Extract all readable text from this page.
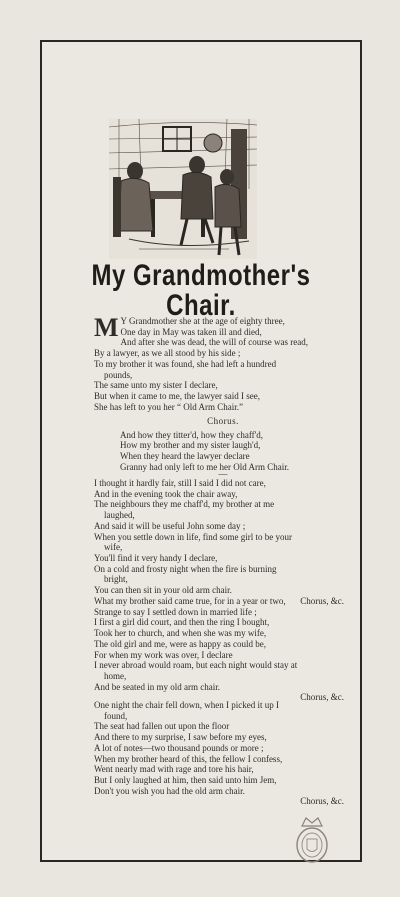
My Grandmother's
Chair.
M Y Grandmother she at the age of eighty three,

One day in May was taken ill and died,

And after she was dead, the will of course was read,

By a lawyer, as we all stood by his side ;

To my brother it was found, she had left a hundred

pounds,

The same unto my sister I declare,

But when it came to me, the lawyer said I see,

She has left to you her “ Old Arm Chair.”

Chorus.

And how they titter'd, how they chaff'd,

How my brother and my sister laugh'd,

When they heard the lawyer declare

Granny had only left to me her Old Arm Chair.

—

I thought it hardly fair, still I said I did not care,

And in the evening took the chair away,

The neighbours they me chaff'd, my brother at me

laughed,

And said it will be useful John some day ;

When you settle down in life, find some girl to be your

wife,

You'll find it very handy I declare,

On a cold and frosty night when the fire is burning

bright,

You can then sit in your old arm chair.

Chorus, &c.

What my brother said came true, for in a year or two,

Strange to say I settled down in married life ;

I first a girl did court, and then the ring I bought,

Took her to church, and when she was my wife,

The old girl and me, were as happy as could be,

For when my work was over, I declare

I never abroad would roam, but each night would stay at

home,

And be seated in my old arm chair.

Chorus, &c.

One night the chair fell down, when I picked it up I

found,

The seat had fallen out upon the floor

And there to my surprise, I saw before my eyes,

A lot of notes—two thousand pounds or more ;

When my brother heard of this, the fellow I confess,

Went nearly mad with rage and tore his hair,

But I only laughed at him, then said unto him Jem,

Don't you wish you had the old arm chair.

Chorus, &c.
